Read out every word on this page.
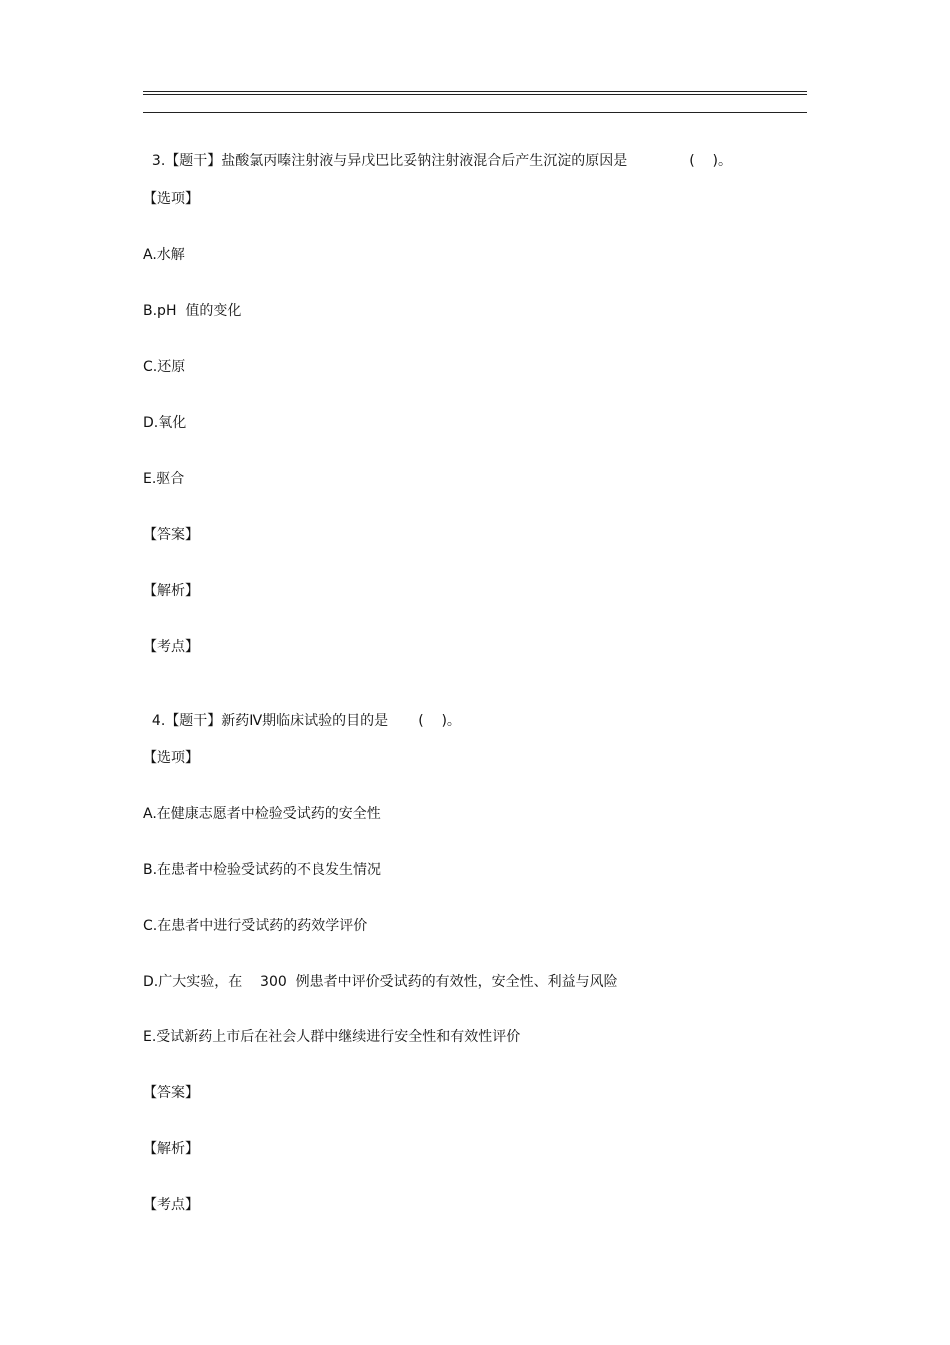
3.【题干】盐酸氯丙嗪注射液与异戊巴比妥钠注射液混合后产生沉淀的原因是	(    )。

【选项】
A.水解
B.pH  值的变化
C.还原
D.氧化
E.驱合
【答案】
【解析】
【考点】

4.【题干】新药Ⅳ期临床试验的目的是 (    )。

【选项】
A.在健康志愿者中检验受试药的安全性
B.在患者中检验受试药的不良发生情况
C.在患者中进行受试药的药效学评价
D.广大实验，在    300  例患者中评价受试药的有效性，安全性、利益与风险
E.受试新药上市后在社会人群中继续进行安全性和有效性评价
【答案】
【解析】
【考点】
